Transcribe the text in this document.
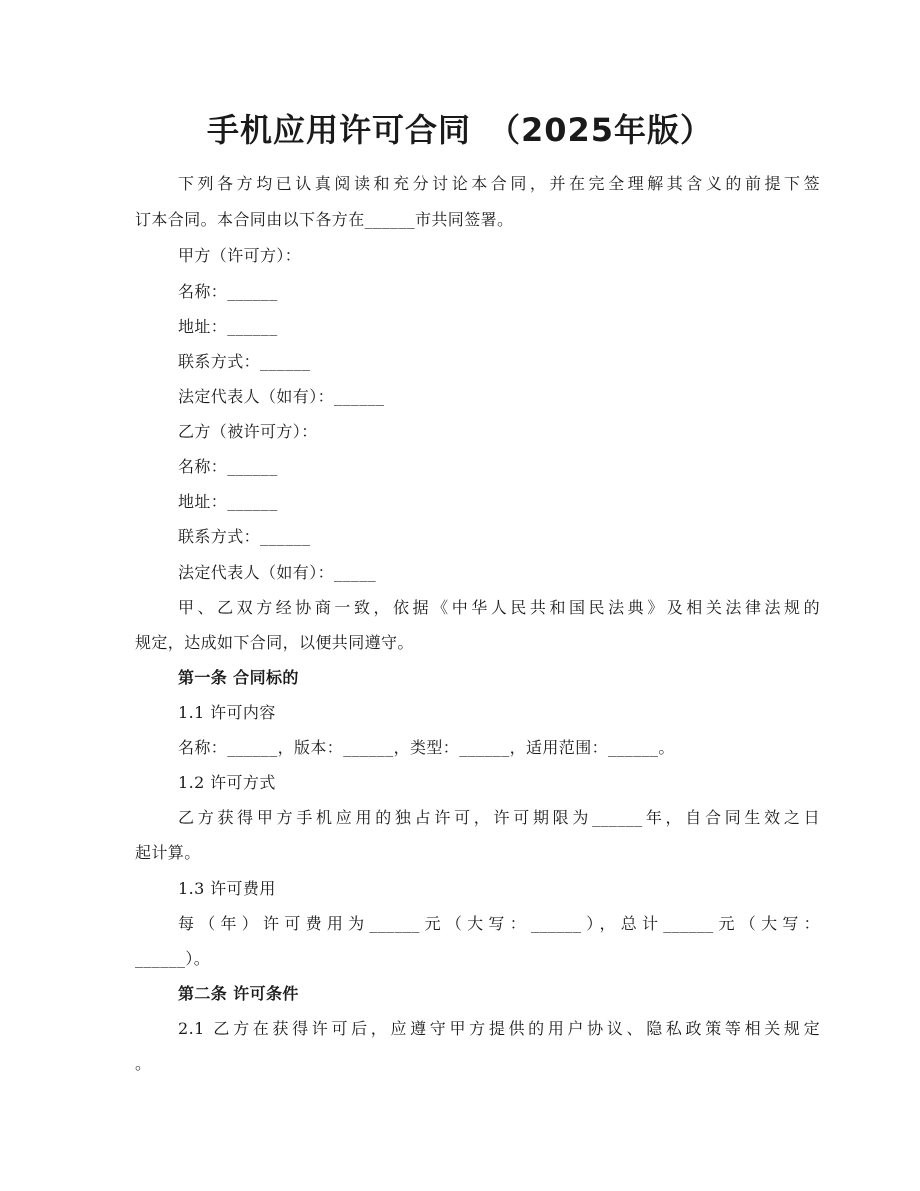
手机应用许可合同　（2025年版）

下列各方均已认真阅读和充分讨论本合同，并在完全理解其含义的前提下签

订本合同。本合同由以下各方在______市共同签署。

甲方（许可方）：

名称：______

地址：______

联系方式：______

法定代表人（如有）：______

乙方（被许可方）：

名称：______

地址：______

联系方式：______

法定代表人（如有）：_____

甲、乙双方经协商一致，依据《中华人民共和国民法典》及相关法律法规的

规定，达成如下合同，以便共同遵守。

第一条 合同标的

1.1 许可内容

名称：______，版本：______，类型：______，适用范围：______。

1.2 许可方式

乙方获得甲方手机应用的独占许可，许可期限为______年，自合同生效之日

起计算。

1.3 许可费用

每（年）许可费用为______元（大写：______），总计______元（大写：

______）。

第二条 许可条件

2.1 乙方在获得许可后，应遵守甲方提供的用户协议、隐私政策等相关规定

。
